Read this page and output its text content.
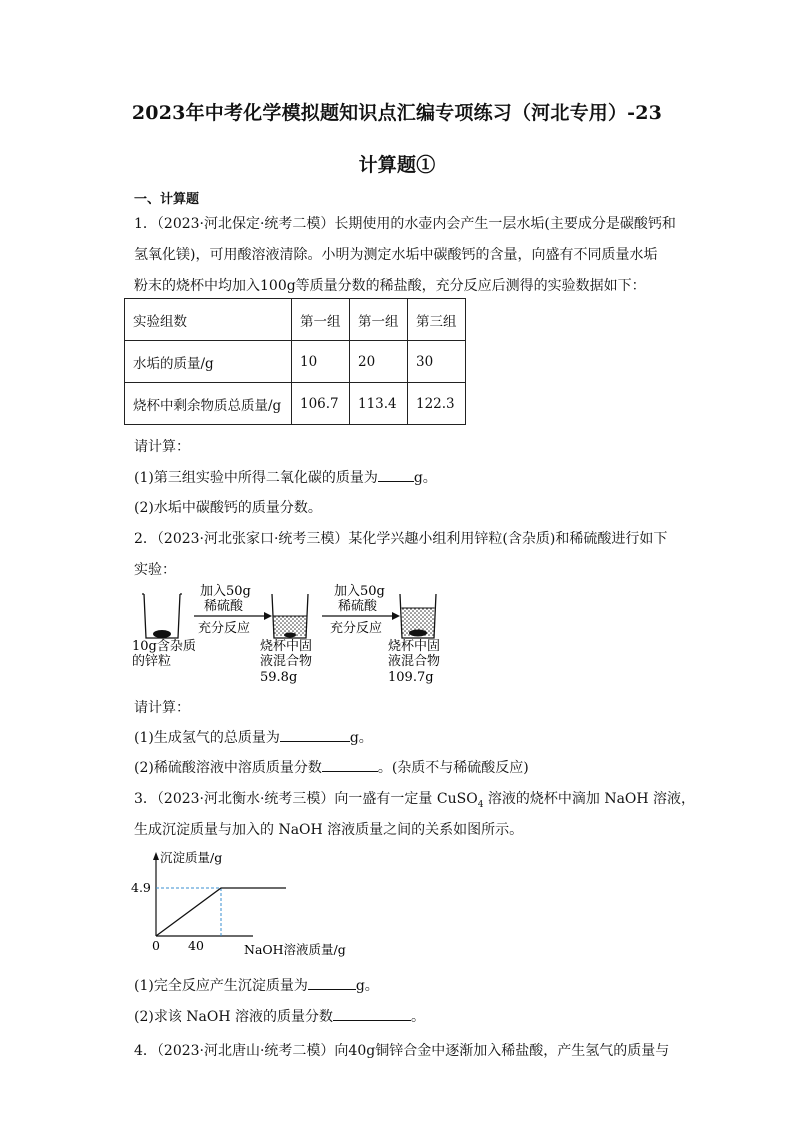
2023年中考化学模拟题知识点汇编专项练习（河北专用）-23
计算题①
一、计算题
1．（2023·河北保定·统考二模）长期使用的水壶内会产生一层水垢(主要成分是碳酸钙和
氢氧化镁)，可用酸溶液清除。小明为测定水垢中碳酸钙的含量，向盛有不同质量水垢
粉末的烧杯中均加入100g等质量分数的稀盐酸，充分反应后测得的实验数据如下：
实验组数	第一组	第一组	第三组
水垢的质量/g	10	20	30
烧杯中剩余物质总质量/g	106.7	113.4	122.3
请计算：
(1)第三组实验中所得二氧化碳的质量为	g。
(2)水垢中碳酸钙的质量分数。
2．（2023·河北张家口·统考三模）某化学兴趣小组利用锌粒(含杂质)和稀硫酸进行如下
实验：
加入50g
稀硫酸
充分反应
加入50g
稀硫酸
充分反应
10g含杂质
的锌粒
烧杯中固
液混合物
59.8g
烧杯中固
液混合物
109.7g
请计算：
(1)生成氢气的总质量为	g。
(2)稀硫酸溶液中溶质质量分数	。(杂质不与稀硫酸反应)
3．（2023·河北衡水·统考三模）向一盛有一定量 CuSO$_4$ 溶液的烧杯中滴加 NaOH 溶液，
生成沉淀质量与加入的 NaOH 溶液质量之间的关系如图所示。
沉淀质量/g
NaOH溶液质量/g
4.9
40
0
(1)完全反应产生沉淀质量为	g。
(2)求该 NaOH 溶液的质量分数	。
4．（2023·河北唐山·统考二模）向40g铜锌合金中逐渐加入稀盐酸，产生氢气的质量与
